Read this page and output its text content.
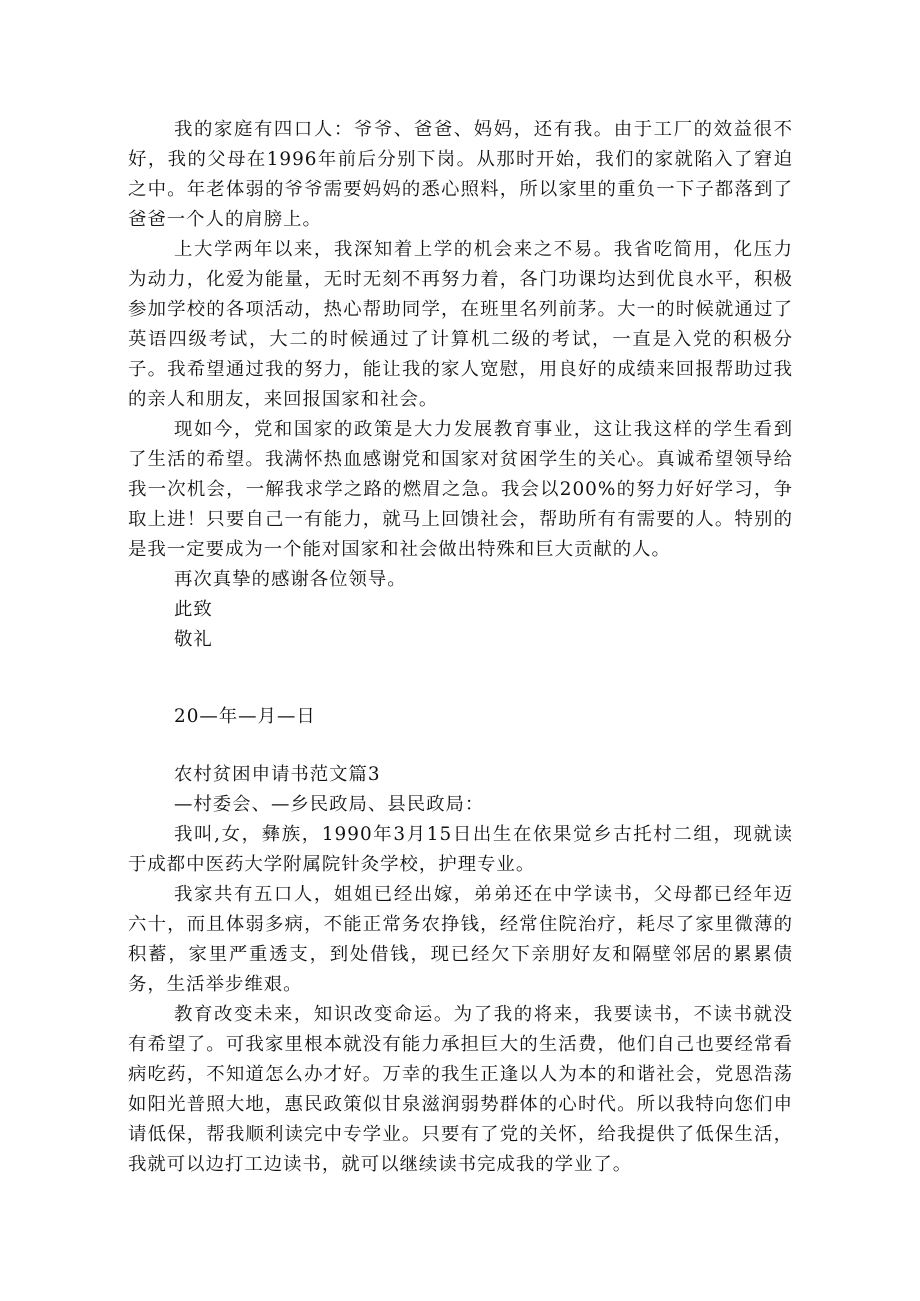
我的家庭有四口人：爷爷、爸爸、妈妈，还有我。由于工厂的效益很不好，我的父母在1996年前后分别下岗。从那时开始，我们的家就陷入了窘迫之中。年老体弱的爷爷需要妈妈的悉心照料，所以家里的重负一下子都落到了爸爸一个人的肩膀上。

上大学两年以来，我深知着上学的机会来之不易。我省吃简用，化压力为动力，化爱为能量，无时无刻不再努力着，各门功课均达到优良水平，积极参加学校的各项活动，热心帮助同学，在班里名列前茅。大一的时候就通过了英语四级考试，大二的时候通过了计算机二级的考试，一直是入党的积极分子。我希望通过我的努力，能让我的家人宽慰，用良好的成绩来回报帮助过我的亲人和朋友，来回报国家和社会。

现如今，党和国家的政策是大力发展教育事业，这让我这样的学生看到了生活的希望。我满怀热血感谢党和国家对贫困学生的关心。真诚希望领导给我一次机会，一解我求学之路的燃眉之急。我会以200%的努力好好学习，争取上进！只要自己一有能力，就马上回馈社会，帮助所有有需要的人。特别的是我一定要成为一个能对国家和社会做出特殊和巨大贡献的人。

再次真挚的感谢各位领导。

此致

敬礼

20—年—月—日

农村贫困申请书范文篇3

—村委会、—乡民政局、县民政局：

我叫,女，彝族，1990年3月15日出生在依果觉乡古托村二组，现就读于成都中医药大学附属院针灸学校，护理专业。

我家共有五口人，姐姐已经出嫁，弟弟还在中学读书，父母都已经年迈六十，而且体弱多病，不能正常务农挣钱，经常住院治疗，耗尽了家里微薄的积蓄，家里严重透支，到处借钱，现已经欠下亲朋好友和隔壁邻居的累累债务，生活举步维艰。

教育改变未来，知识改变命运。为了我的将来，我要读书，不读书就没有希望了。可我家里根本就没有能力承担巨大的生活费，他们自己也要经常看病吃药，不知道怎么办才好。万幸的我生正逢以人为本的和谐社会，党恩浩荡如阳光普照大地，惠民政策似甘泉滋润弱势群体的心时代。所以我特向您们申请低保，帮我顺利读完中专学业。只要有了党的关怀，给我提供了低保生活，我就可以边打工边读书，就可以继续读书完成我的学业了。
